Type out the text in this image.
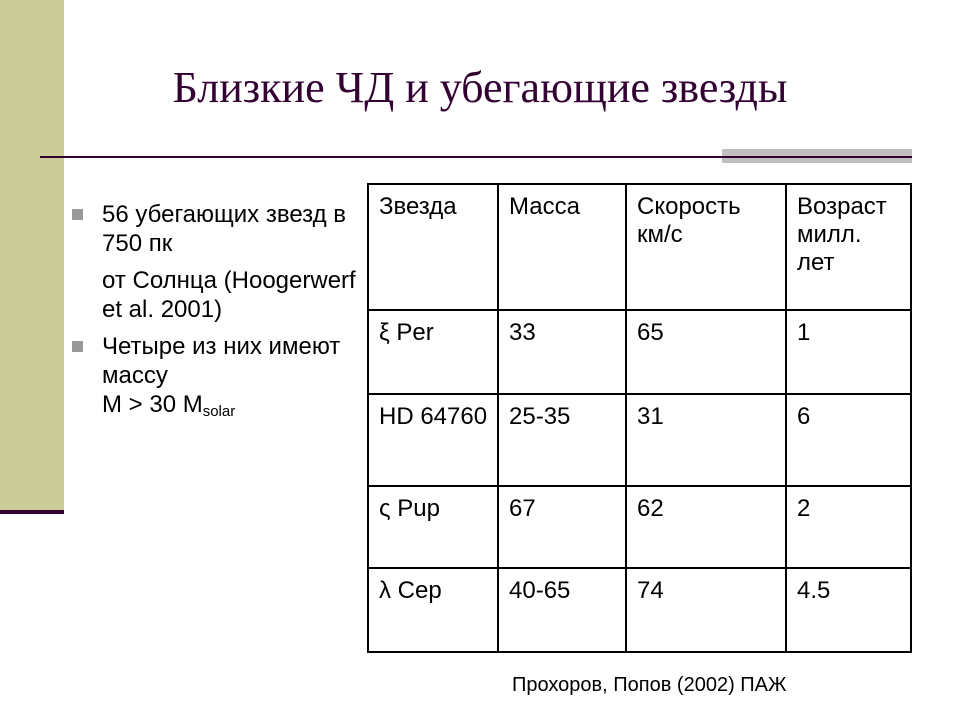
Близкие ЧД и убегающие звезды
56 убегающих звезд в 750 пк
от Солнца (Hoogerwerf et al. 2001)
Четыре из них имеют массу
M > 30 $M_{solar}$
Звезда	Масса	Скорость км/с	Возраст милл. лет
ξ Per	33	65	1
HD 64760	25-35	31	6
ς Pup	67	62	2
λ Cep	40-65	74	4.5
Прохоров, Попов (2002) ПАЖ
